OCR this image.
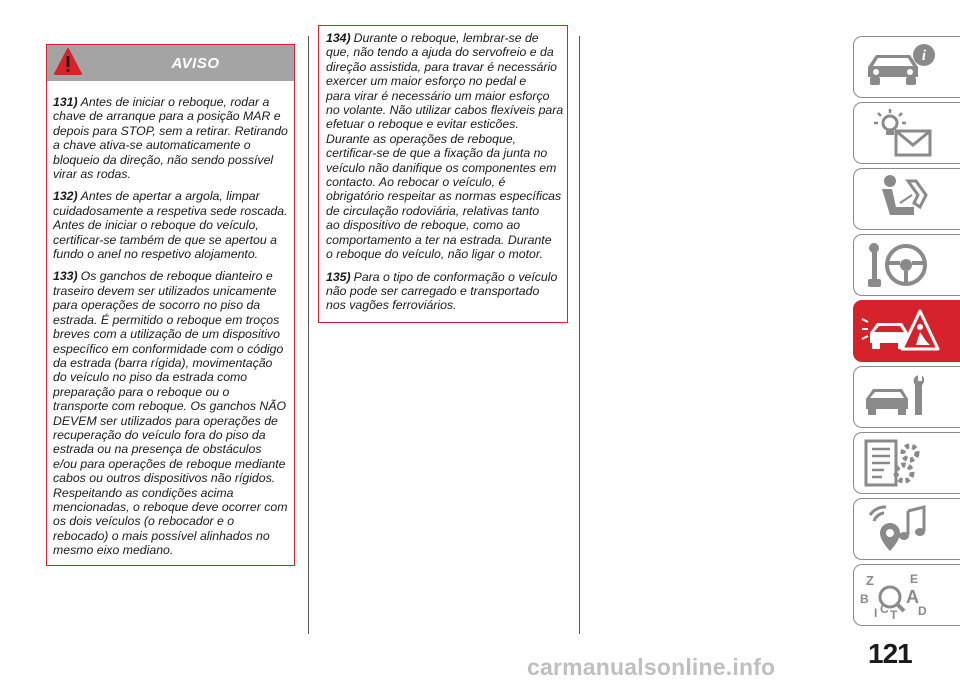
AVISO

131) Antes de iniciar o reboque, rodar a
chave de arranque para a posição MAR e
depois para STOP, sem a retirar. Retirando
a chave ativa-se automaticamente o
bloqueio da direção, não sendo possível
virar as rodas.

132) Antes de apertar a argola, limpar
cuidadosamente a respetiva sede roscada.
Antes de iniciar o reboque do veículo,
certificar-se também de que se apertou a
fundo o anel no respetivo alojamento.

133) Os ganchos de reboque dianteiro e
traseiro devem ser utilizados unicamente
para operações de socorro no piso da
estrada. É permitido o reboque em troços
breves com a utilização de um dispositivo
específico em conformidade com o código
da estrada (barra rígida), movimentação
do veículo no piso da estrada como
preparação para o reboque ou o
transporte com reboque. Os ganchos NÃO
DEVEM ser utilizados para operações de
recuperação do veículo fora do piso da
estrada ou na presença de obstáculos
e/ou para operações de reboque mediante
cabos ou outros dispositivos não rígidos.
Respeitando as condições acima
mencionadas, o reboque deve ocorrer com
os dois veículos (o rebocador e o
rebocado) o mais possível alinhados no
mesmo eixo mediano.

134) Durante o reboque, lembrar-se de
que, não tendo a ajuda do servofreio e da
direção assistida, para travar é necessário
exercer um maior esforço no pedal e
para virar é necessário um maior esforço
no volante. Não utilizar cabos flexíveis para
efetuar o reboque e evitar esticões.
Durante as operações de reboque,
certificar-se de que a fixação da junta no
veículo não danifique os componentes em
contacto. Ao rebocar o veículo, é
obrigatório respeitar as normas específicas
de circulação rodoviária, relativas tanto
ao dispositivo de reboque, como ao
comportamento a ter na estrada. Durante
o reboque do veículo, não ligar o motor.

135) Para o tipo de conformação o veículo
não pode ser carregado e transportado
nos vagões ferroviários.

i
Z	E
B A
D
I C T
121
carmanualsonline.info
